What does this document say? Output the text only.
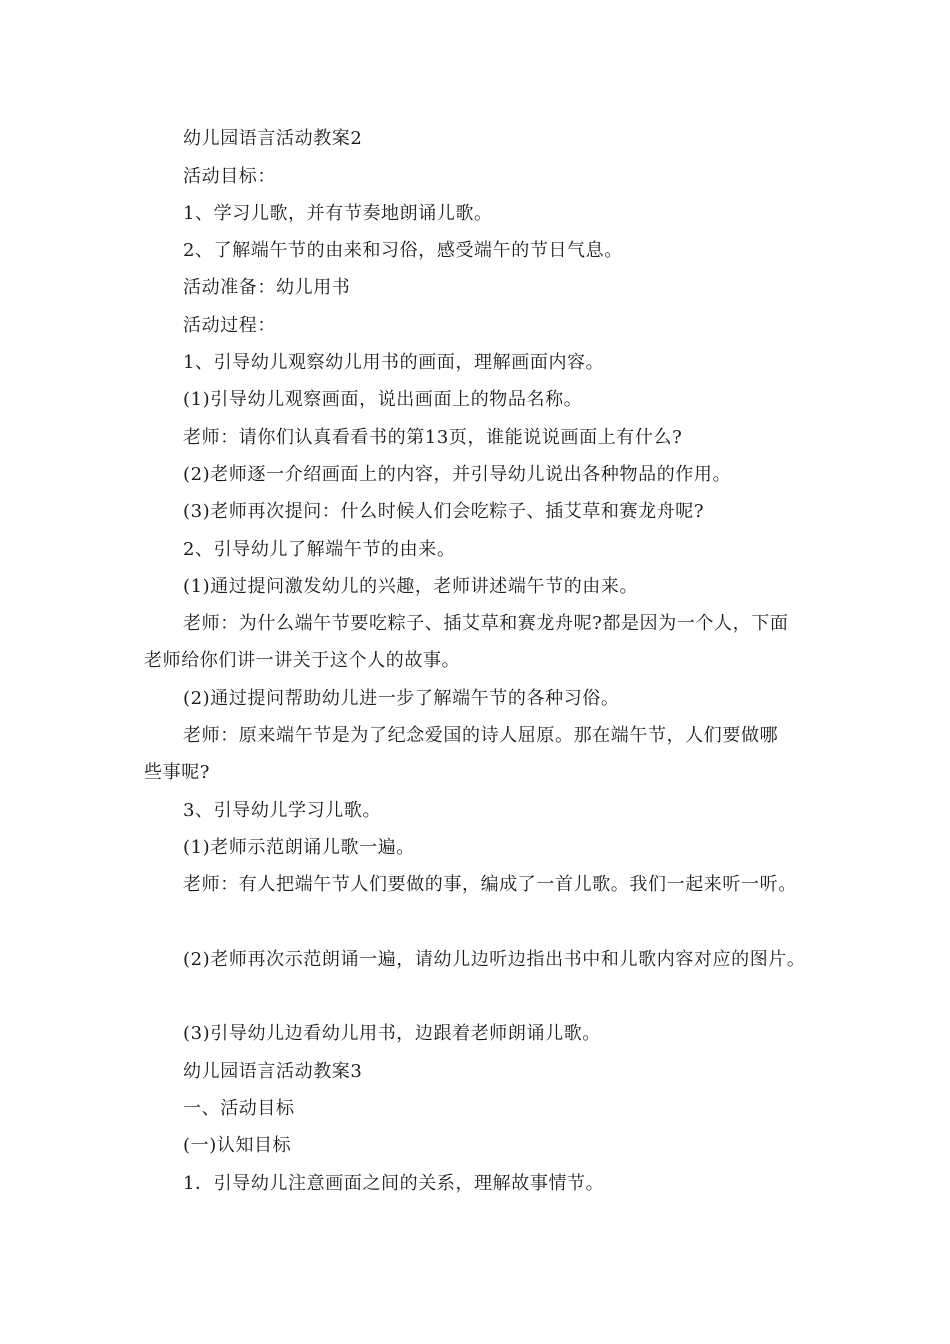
幼儿园语言活动教案2
活动目标：
1、学习儿歌，并有节奏地朗诵儿歌。
2、了解端午节的由来和习俗，感受端午的节日气息。
活动准备：幼儿用书
活动过程：
1、引导幼儿观察幼儿用书的画面，理解画面内容。
(1)引导幼儿观察画面，说出画面上的物品名称。
老师：请你们认真看看书的第13页，谁能说说画面上有什么?
(2)老师逐一介绍画面上的内容，并引导幼儿说出各种物品的作用。
(3)老师再次提问：什么时候人们会吃粽子、插艾草和赛龙舟呢?
2、引导幼儿了解端午节的由来。
(1)通过提问激发幼儿的兴趣，老师讲述端午节的由来。
老师：为什么端午节要吃粽子、插艾草和赛龙舟呢?都是因为一个人，下面
老师给你们讲一讲关于这个人的故事。
(2)通过提问帮助幼儿进一步了解端午节的各种习俗。
老师：原来端午节是为了纪念爱国的诗人屈原。那在端午节，人们要做哪
些事呢?
3、引导幼儿学习儿歌。
(1)老师示范朗诵儿歌一遍。
老师：有人把端午节人们要做的事，编成了一首儿歌。我们一起来听一听。
(2)老师再次示范朗诵一遍，请幼儿边听边指出书中和儿歌内容对应的图片。
(3)引导幼儿边看幼儿用书，边跟着老师朗诵儿歌。
幼儿园语言活动教案3
一、活动目标
(一)认知目标
1．引导幼儿注意画面之间的关系，理解故事情节。
